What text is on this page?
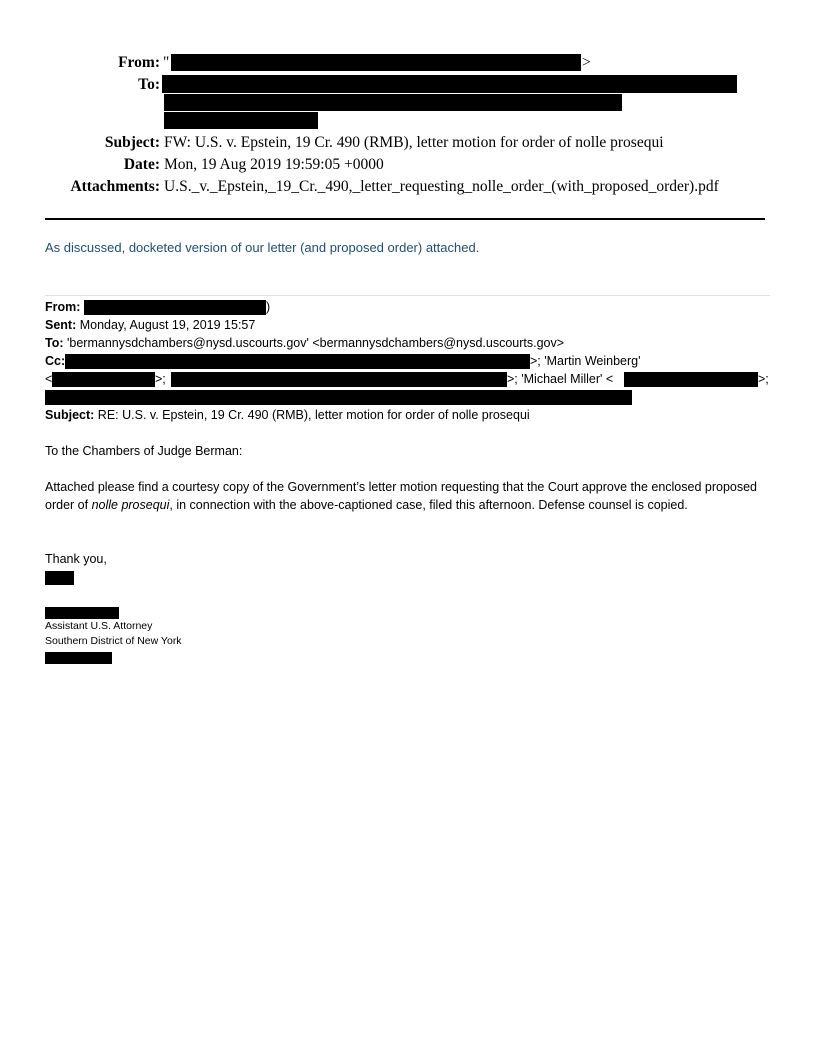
From: "	>
To:
Subject: FW: U.S. v. Epstein, 19 Cr. 490 (RMB), letter motion for order of nolle prosequi
Date: Mon, 19 Aug 2019 19:59:05 +0000
Attachments: U.S._v._Epstein,_19_Cr._490,_letter_requesting_nolle_order_(with_proposed_order).pdf
As discussed, docketed version of our letter (and proposed order) attached.
From:	)
Sent: Monday, August 19, 2019 15:57
To: 'bermannysdchambers@nysd.uscourts.gov' <bermannysdchambers@nysd.uscourts.gov>
Cc:	>; 'Martin Weinberg'
<	>;	>; 'Michael Miller' <	>;
Subject: RE: U.S. v. Epstein, 19 Cr. 490 (RMB), letter motion for order of nolle prosequi
To the Chambers of Judge Berman:
Attached please find a courtesy copy of the Government’s letter motion requesting that the Court approve the enclosed proposed order of nolle prosequi, in connection with the above-captioned case, filed this afternoon. Defense counsel is copied.
Thank you,
Assistant U.S. Attorney
Southern District of New York
